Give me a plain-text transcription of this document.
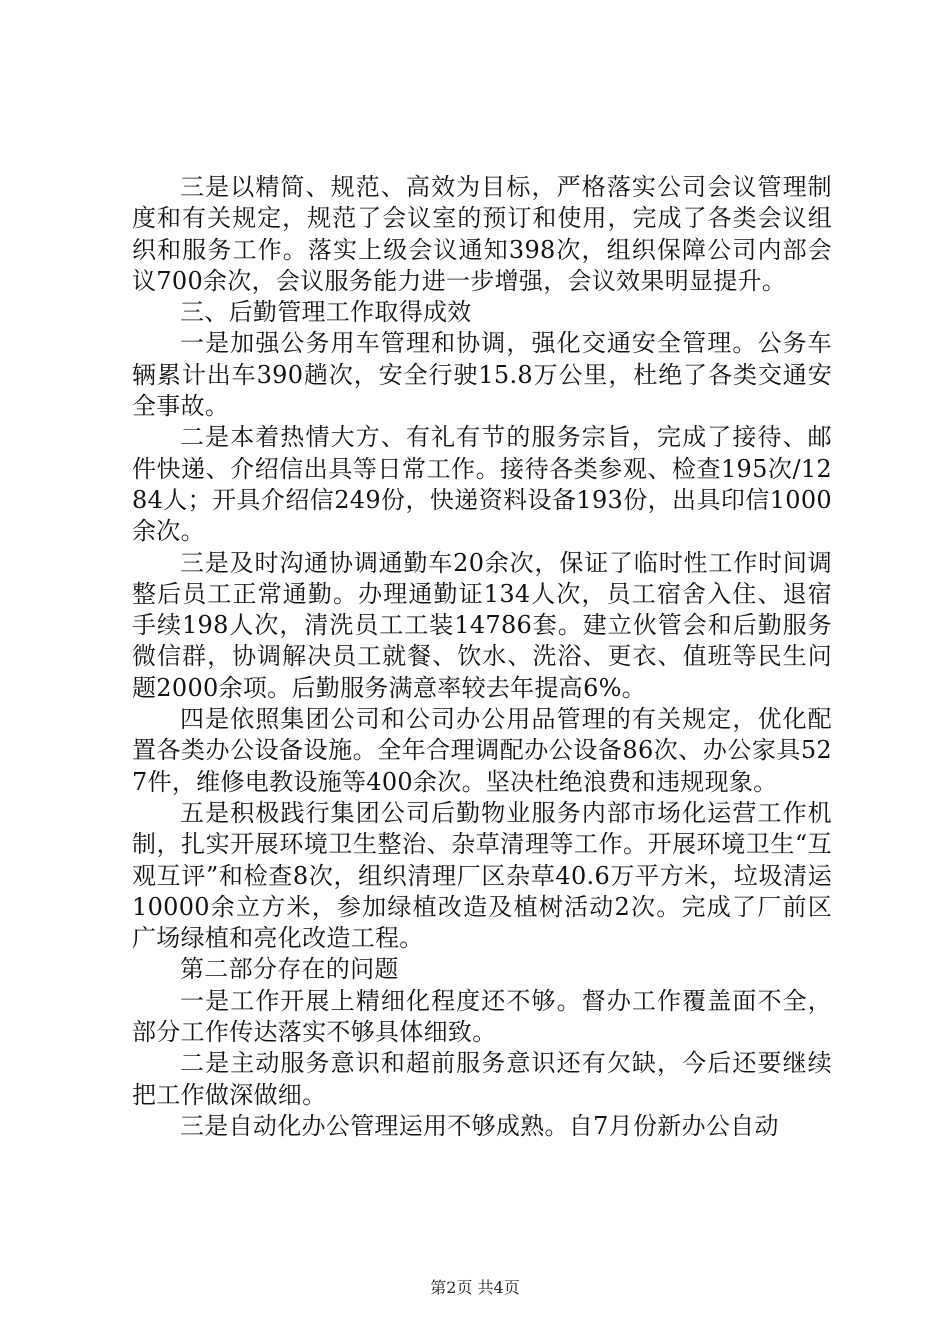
三是以精简、规范、高效为目标，严格落实公司会议管理制度和有关规定，规范了会议室的预订和使用，完成了各类会议组织和服务工作。落实上级会议通知398次，组织保障公司内部会议700余次，会议服务能力进一步增强，会议效果明显提升。

三、后勤管理工作取得成效

一是加强公务用车管理和协调，强化交通安全管理。公务车辆累计出车390趟次，安全行驶15.8万公里，杜绝了各类交通安全事故。

二是本着热情大方、有礼有节的服务宗旨，完成了接待、邮件快递、介绍信出具等日常工作。接待各类参观、检查195次/1284人；开具介绍信249份，快递资料设备193份，出具印信1000余次。

三是及时沟通协调通勤车20余次，保证了临时性工作时间调整后员工正常通勤。办理通勤证134人次，员工宿舍入住、退宿手续198人次，清洗员工工装14786套。建立伙管会和后勤服务微信群，协调解决员工就餐、饮水、洗浴、更衣、值班等民生问题2000余项。后勤服务满意率较去年提高6%。

四是依照集团公司和公司办公用品管理的有关规定，优化配置各类办公设备设施。全年合理调配办公设备86次、办公家具527件，维修电教设施等400余次。坚决杜绝浪费和违规现象。

五是积极践行集团公司后勤物业服务内部市场化运营工作机制，扎实开展环境卫生整治、杂草清理等工作。开展环境卫生“互观互评”和检查8次，组织清理厂区杂草40.6万平方米，垃圾清运10000余立方米，参加绿植改造及植树活动2次。完成了厂前区广场绿植和亮化改造工程。

第二部分存在的问题

一是工作开展上精细化程度还不够。督办工作覆盖面不全，部分工作传达落实不够具体细致。

二是主动服务意识和超前服务意识还有欠缺，今后还要继续把工作做深做细。

三是自动化办公管理运用不够成熟。自7月份新办公自动

第2页 共4页
